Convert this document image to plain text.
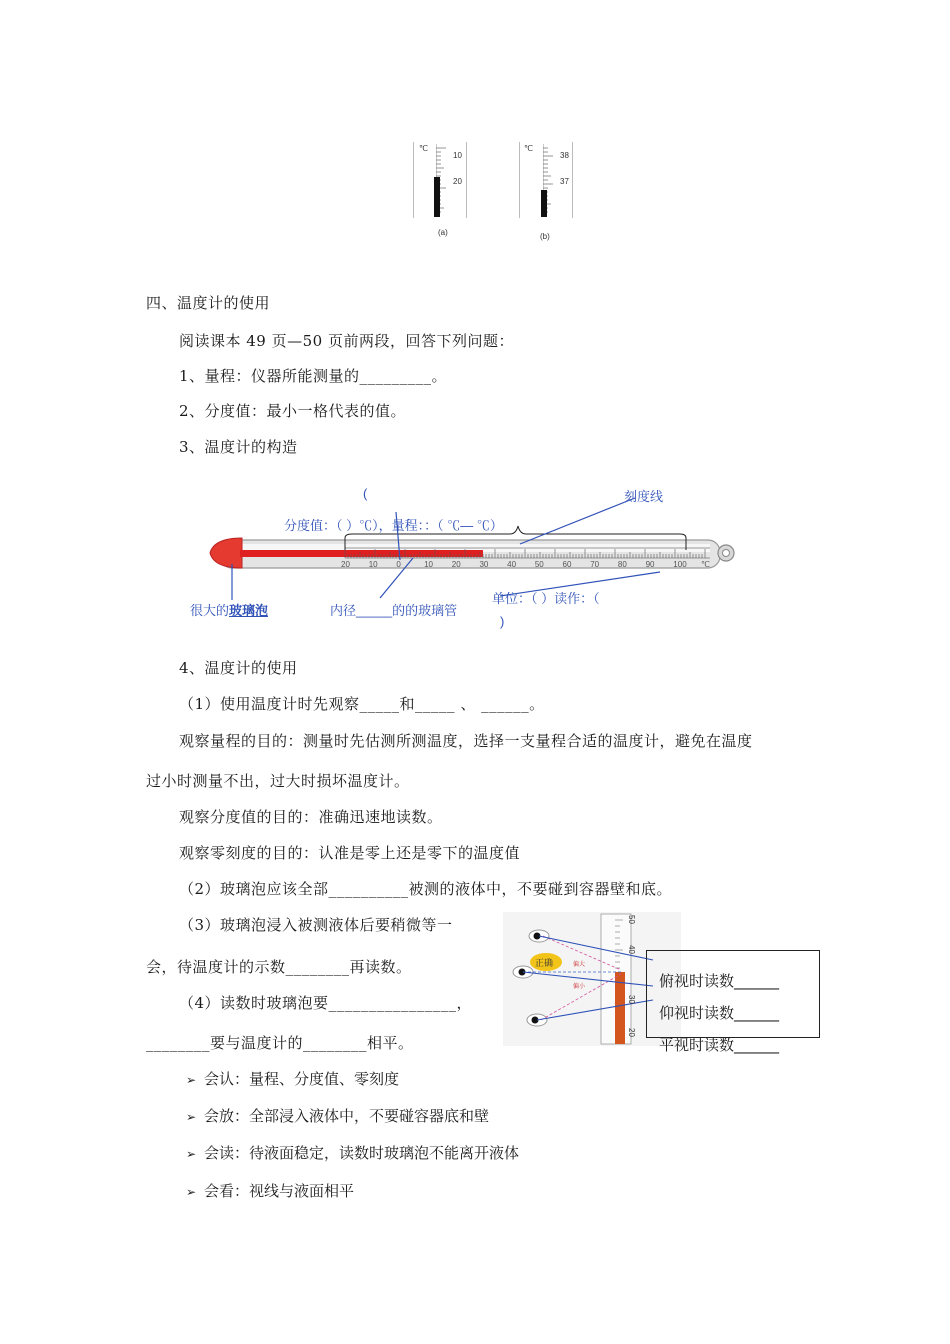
℃
10
20
(a)
℃
38
37
(b)
四、温度计的使用
阅读课本 49 页—50 页前两段，回答下列问题：
1、量程：仪器所能测量的_________。
2、分度值：最小一格代表的值。
3、温度计的构造
20 10 0	10 20 30 40 50 60 70 80 90 100 ℃
(	刻度线
分度值：（ ）℃），量程：：（ ℃— ℃）
很大的玻璃泡	内径_____的的玻璃管
单位：（ ）读作：（
)
4、温度计的使用
（1）使用温度计时先观察_____和_____ 、 ______。
观察量程的目的：测量时先估测所测温度，选择一支量程合适的温度计，避免在温度
过小时测量不出，过大时损坏温度计。
观察分度值的目的：准确迅速地读数。
观察零刻度的目的：认准是零上还是零下的温度值
（2）玻璃泡应该全部__________被测的液体中，不要碰到容器壁和底。
（3）玻璃泡浸入被测液体后要稍微等一
会，待温度计的示数________再读数。
（4）读数时玻璃泡要________________，
________要与温度计的________相平。
正确	偏大
偏小
50
40
30
20
俯视时读数______
仰视时读数______
平视时读数______
➢ 会认：量程、分度值、零刻度
➢ 会放：全部浸入液体中，不要碰容器底和壁
➢ 会读：待液面稳定，读数时玻璃泡不能离开液体
➢ 会看：视线与液面相平
